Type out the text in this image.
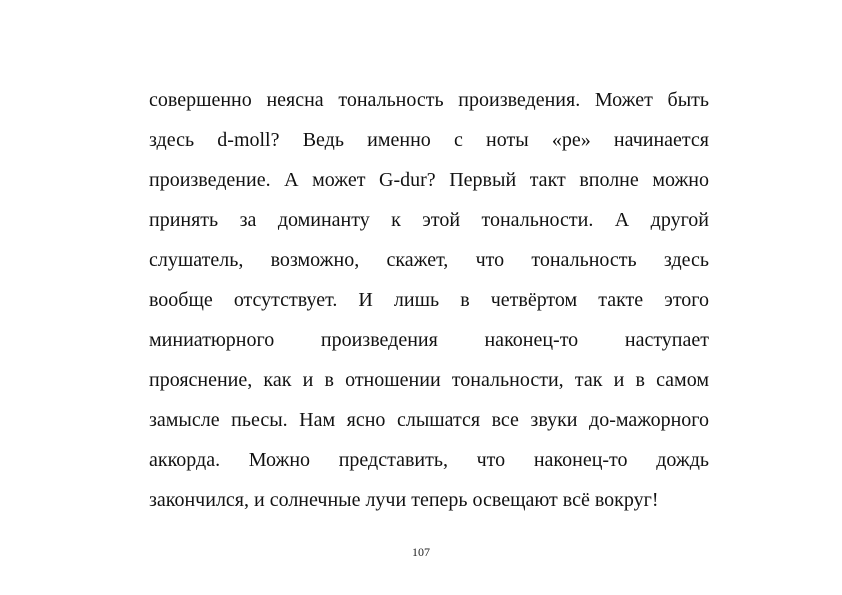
совершенно неясна тональность произведения. Может быть
здесь d-moll? Ведь именно с ноты «ре» начинается
произведение. А может G-dur? Первый такт вполне можно
принять за доминанту к этой тональности. А другой
слушатель, возможно, скажет, что тональность здесь
вообще отсутствует. И лишь в четвёртом такте этого
миниатюрного произведения наконец-то наступает
прояснение, как и в отношении тональности, так и в самом
замысле пьесы. Нам ясно слышатся все звуки до-мажорного
аккорда. Можно представить, что наконец-то дождь
закончился, и солнечные лучи теперь освещают всё вокруг!
107
